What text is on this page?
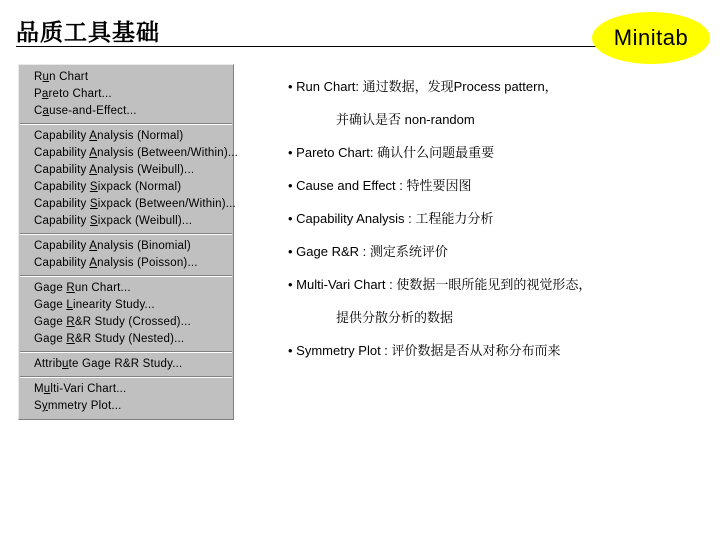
品质工具基础	Minitab
Run Chart
Pareto Chart...
Cause-and-Effect...
Capability Analysis (Normal)
Capability Analysis (Between/Within)...
Capability Analysis (Weibull)...
Capability Sixpack (Normal)
Capability Sixpack (Between/Within)...
Capability Sixpack (Weibull)...
Capability Analysis (Binomial)
Capability Analysis (Poisson)...
Gage Run Chart...
Gage Linearity Study...
Gage R&R Study (Crossed)...
Gage R&R Study (Nested)...
Attribute Gage R&R Study...
Multi-Vari Chart...
Symmetry Plot...
• Run Chart: 通过数据，发现Process pattern，
并确认是否 non-random
• Pareto Chart: 确认什么问题最重要
• Cause and Effect : 特性要因图
• Capability Analysis : 工程能力分析
• Gage R&R : 测定系统评价
• Multi-Vari Chart : 使数据一眼所能见到的视觉形态，
提供分散分析的数据
• Symmetry Plot : 评价数据是否从对称分布而来
